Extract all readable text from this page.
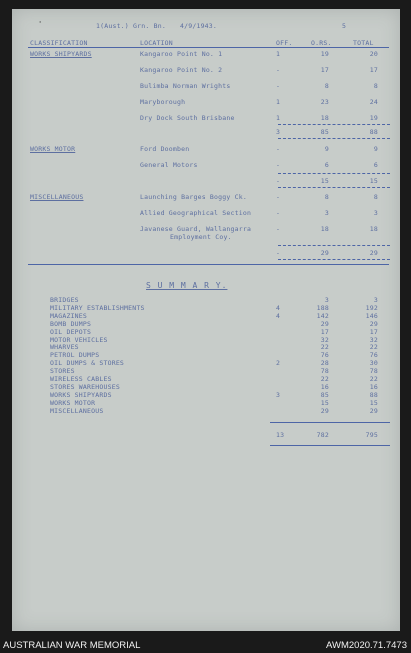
'	1(Aust.) Grn. Bn. 4/9/1943.	5
CLASSIFICATION	LOCATION	OFF.	O.RS.	TOTAL
WORKS SHIPYARDS	Kangaroo Point No. 1	1	19	20
Kangaroo Point No. 2	-	17	17
Bulimba Norman Wrights	-	8	8
Maryborough	1	23	24
Dry Dock South Brisbane	1	18	19
3	85	88
WORKS MOTOR	Ford Doomben	-	9	9
General Motors	-	6	6
-	15	15
MISCELLANEOUS	Launching Barges Boggy Ck.	-	8	8
Allied Geographical Section	-	3	3
Javanese Guard, Wallangarra
Employment Coy.
-	18	18
-	29	29
S U M M A R Y.
BRIDGES	3	3
MILITARY ESTABLISHMENTS	4	188	192
MAGAZINES	4	142	146
BOMB DUMPS	29	29
OIL DEPOTS	17	17
MOTOR VEHICLES	32	32
WHARVES	22	22
PETROL DUMPS	76	76
OIL DUMPS & STORES	2	28	30
STORES	78	78
WIRELESS CABLES	22	22
STORES WAREHOUSES	16	16
WORKS SHIPYARDS	3	85	88
WORKS MOTOR	15	15
MISCELLANEOUS	29	29
13	782	795
AUSTRALIAN WAR MEMORIAL	AWM2020.71.7473
